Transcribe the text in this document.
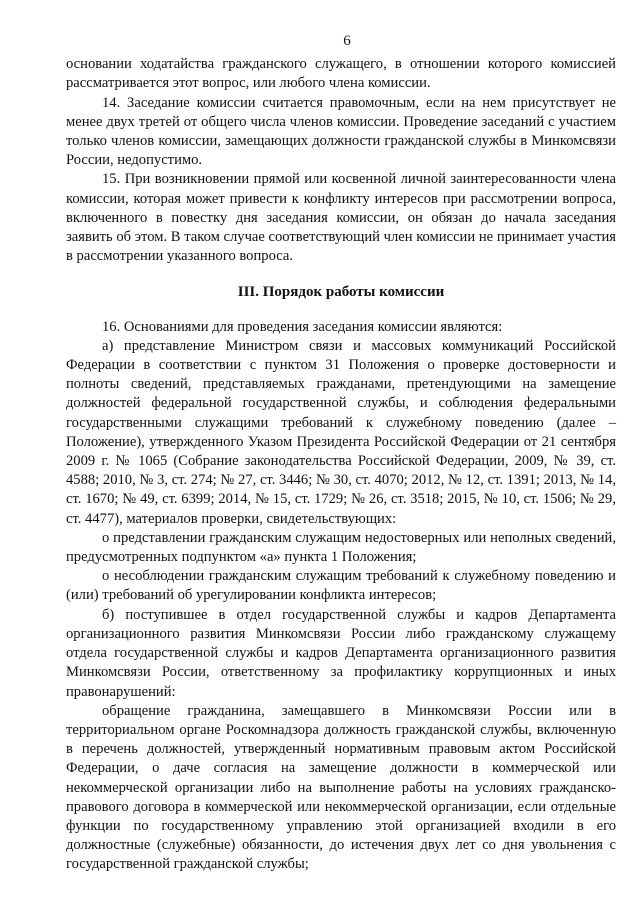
6

основании ходатайства гражданского служащего, в отношении которого комиссией рассматривается этот вопрос, или любого члена комиссии.

14. Заседание комиссии считается правомочным, если на нем присутствует не менее двух третей от общего числа членов комиссии. Проведение заседаний с участием только членов комиссии, замещающих должности гражданской службы в Минкомсвязи России, недопустимо.

15. При возникновении прямой или косвенной личной заинтересованности члена комиссии, которая может привести к конфликту интересов при рассмотрении вопроса, включенного в повестку дня заседания комиссии, он обязан до начала заседания заявить об этом. В таком случае соответствующий член комиссии не принимает участия в рассмотрении указанного вопроса.

III. Порядок работы комиссии

16. Основаниями для проведения заседания комиссии являются:

а) представление Министром связи и массовых коммуникаций Российской Федерации в соответствии с пунктом 31 Положения о проверке достоверности и полноты сведений, представляемых гражданами, претендующими на замещение должностей федеральной государственной службы, и соблюдения федеральными государственными служащими требований к служебному поведению (далее – Положение), утвержденного Указом Президента Российской Федерации от 21 сентября 2009 г. № 1065 (Собрание законодательства Российской Федерации, 2009, № 39, ст. 4588; 2010, № 3, ст. 274; № 27, ст. 3446; № 30, ст. 4070; 2012, № 12, ст. 1391; 2013, № 14, ст. 1670; № 49, ст. 6399; 2014, № 15, ст. 1729; № 26, ст. 3518; 2015, № 10, ст. 1506; № 29, ст. 4477), материалов проверки, свидетельствующих:

о представлении гражданским служащим недостоверных или неполных сведений, предусмотренных подпунктом «а» пункта 1 Положения;

о несоблюдении гражданским служащим требований к служебному поведению и (или) требований об урегулировании конфликта интересов;

б) поступившее в отдел государственной службы и кадров Департамента организационного развития Минкомсвязи России либо гражданскому служащему отдела государственной службы и кадров Департамента организационного развития Минкомсвязи России, ответственному за профилактику коррупционных и иных правонарушений:

обращение гражданина, замещавшего в Минкомсвязи России или в территориальном органе Роскомнадзора должность гражданской службы, включенную в перечень должностей, утвержденный нормативным правовым актом Российской Федерации, о даче согласия на замещение должности в коммерческой или некоммерческой организации либо на выполнение работы на условиях гражданско-правового договора в коммерческой или некоммерческой организации, если отдельные функции по государственному управлению этой организацией входили в его должностные (служебные) обязанности, до истечения двух лет со дня увольнения с государственной гражданской службы;
